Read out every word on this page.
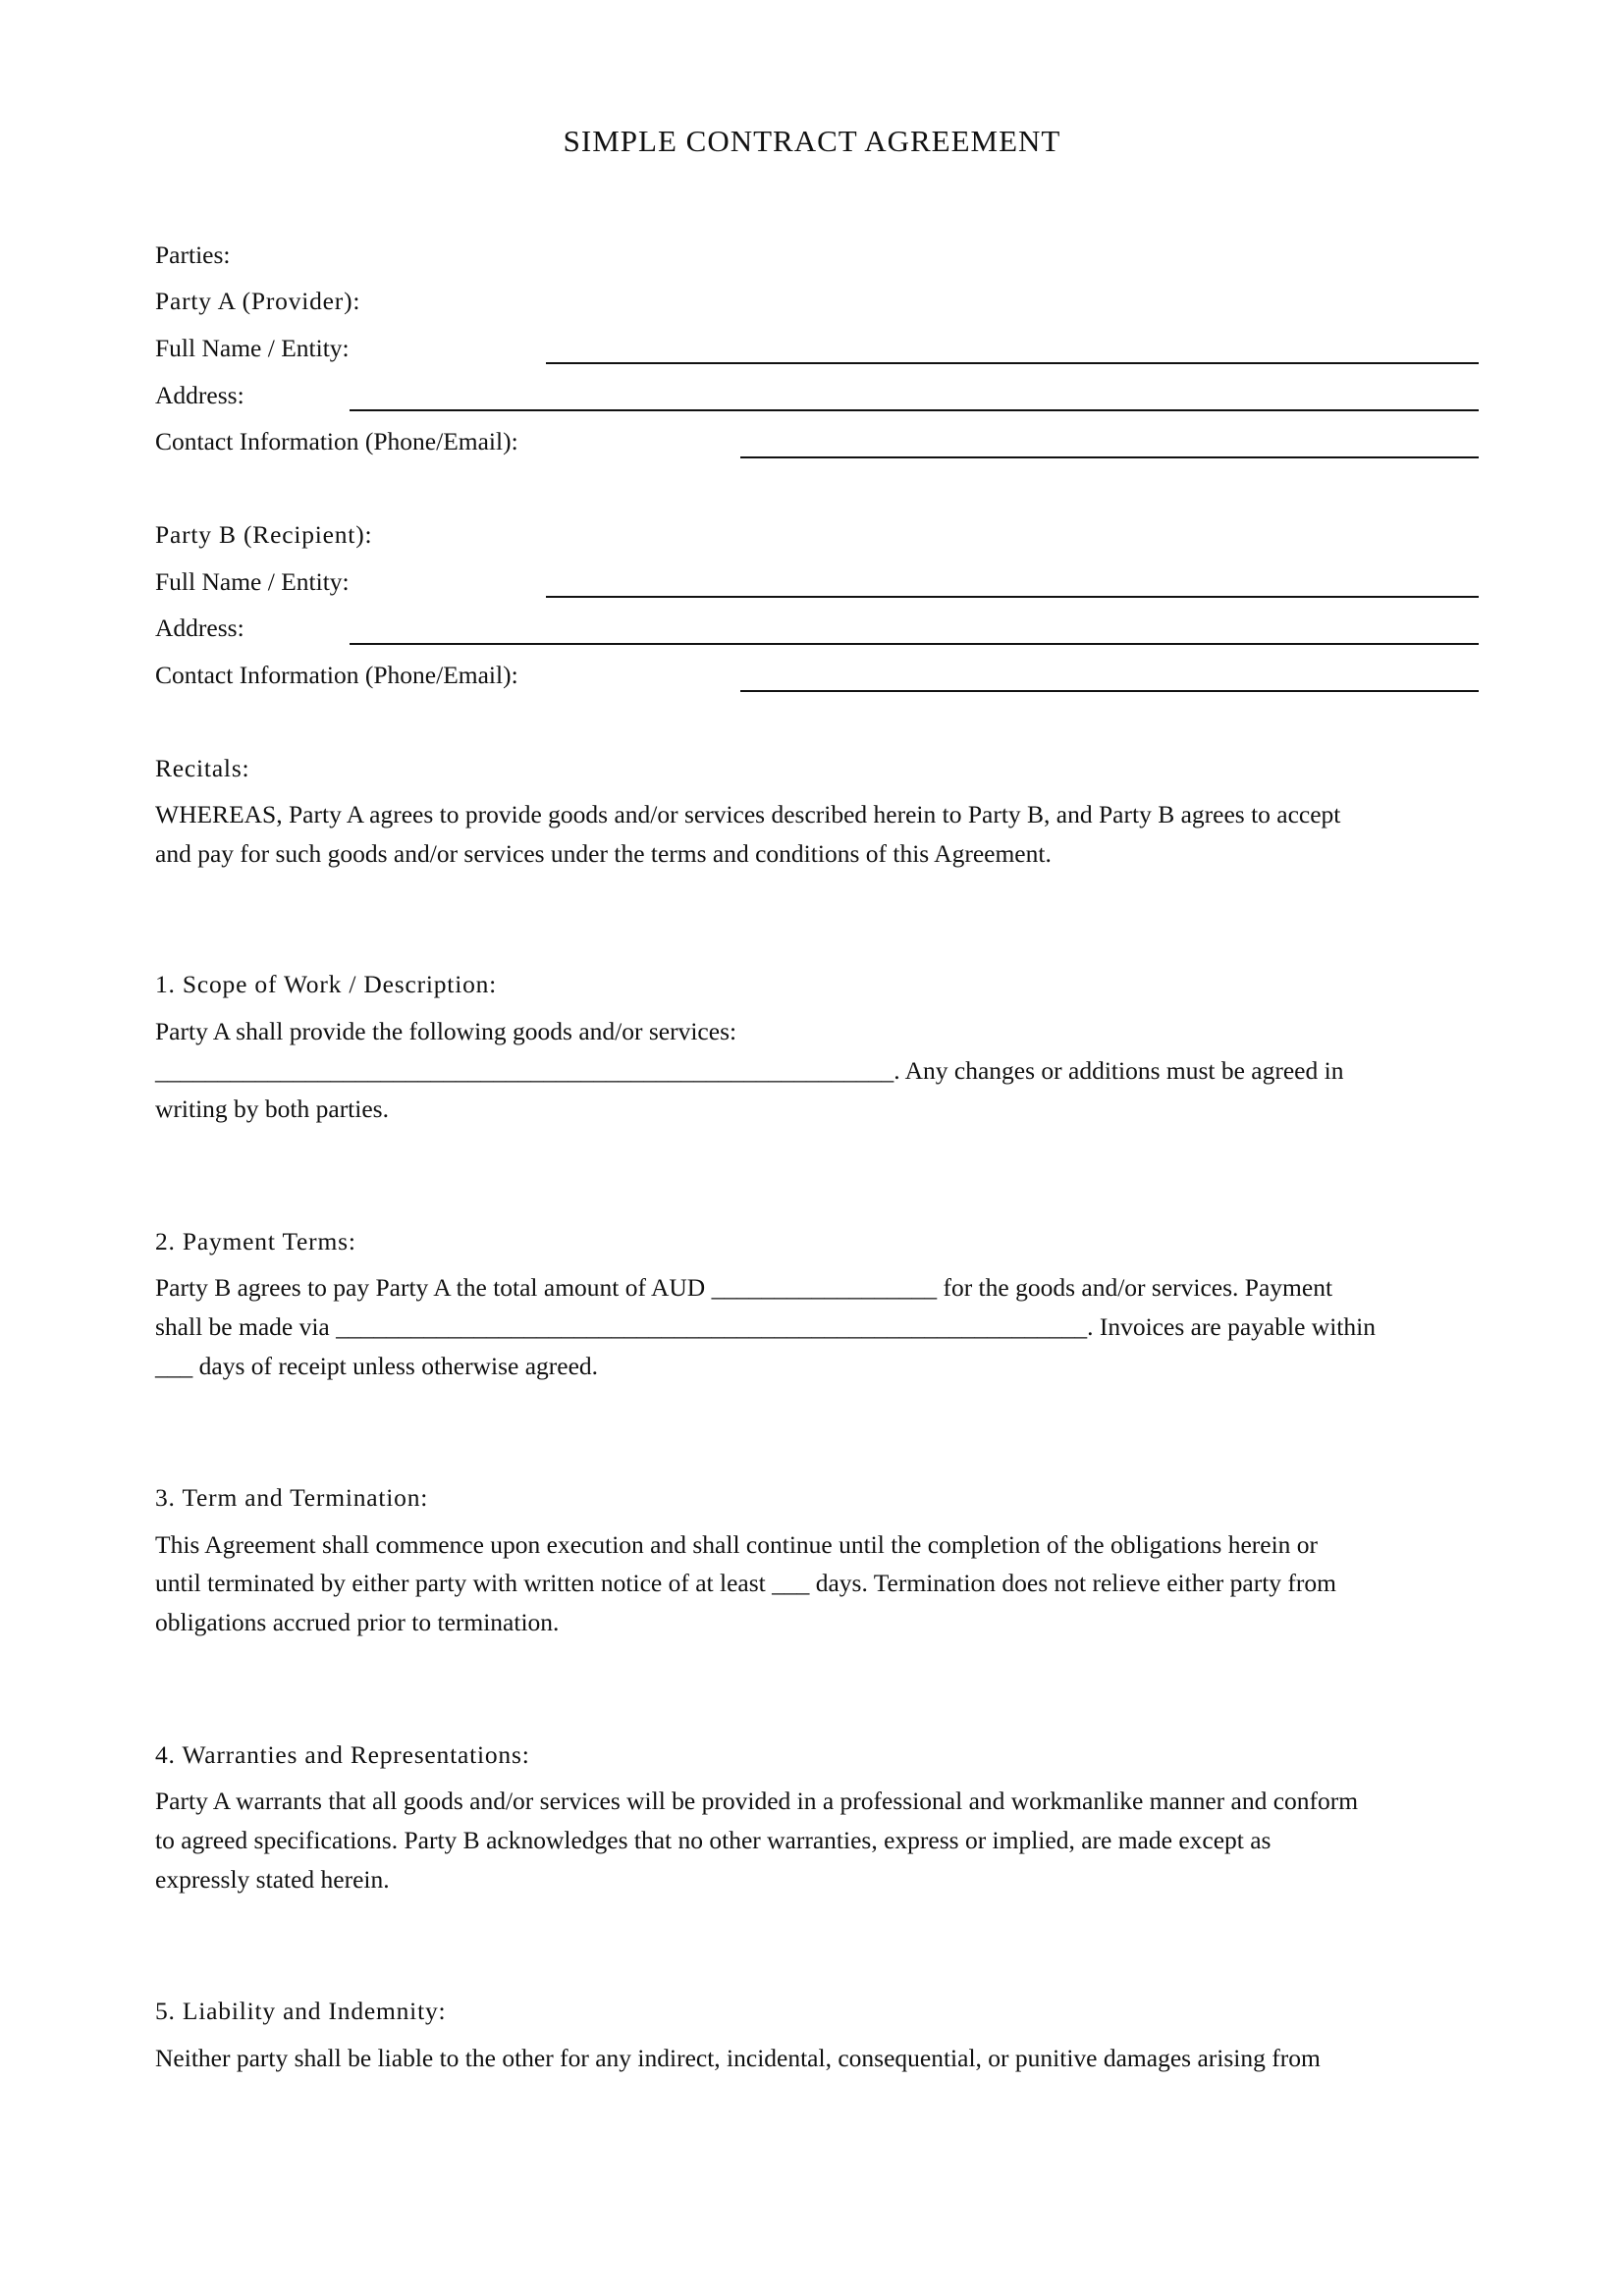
SIMPLE CONTRACT AGREEMENT
Parties:
Party A (Provider):
Full Name / Entity:
Address:
Contact Information (Phone/Email):
Party B (Recipient):
Full Name / Entity:
Address:
Contact Information (Phone/Email):
Recitals:
WHEREAS, Party A agrees to provide goods and/or services described herein to Party B, and Party B agrees to accept
and pay for such goods and/or services under the terms and conditions of this Agreement.
1. Scope of Work / Description:
Party A shall provide the following goods and/or services:
___________________________________________________________. Any changes or additions must be agreed in
writing by both parties.
2. Payment Terms:
Party B agrees to pay Party A the total amount of AUD __________________ for the goods and/or services. Payment
shall be made via ____________________________________________________________. Invoices are payable within
___ days of receipt unless otherwise agreed.
3. Term and Termination:
This Agreement shall commence upon execution and shall continue until the completion of the obligations herein or
until terminated by either party with written notice of at least ___ days. Termination does not relieve either party from
obligations accrued prior to termination.
4. Warranties and Representations:
Party A warrants that all goods and/or services will be provided in a professional and workmanlike manner and conform
to agreed specifications. Party B acknowledges that no other warranties, express or implied, are made except as
expressly stated herein.
5. Liability and Indemnity:
Neither party shall be liable to the other for any indirect, incidental, consequential, or punitive damages arising from
